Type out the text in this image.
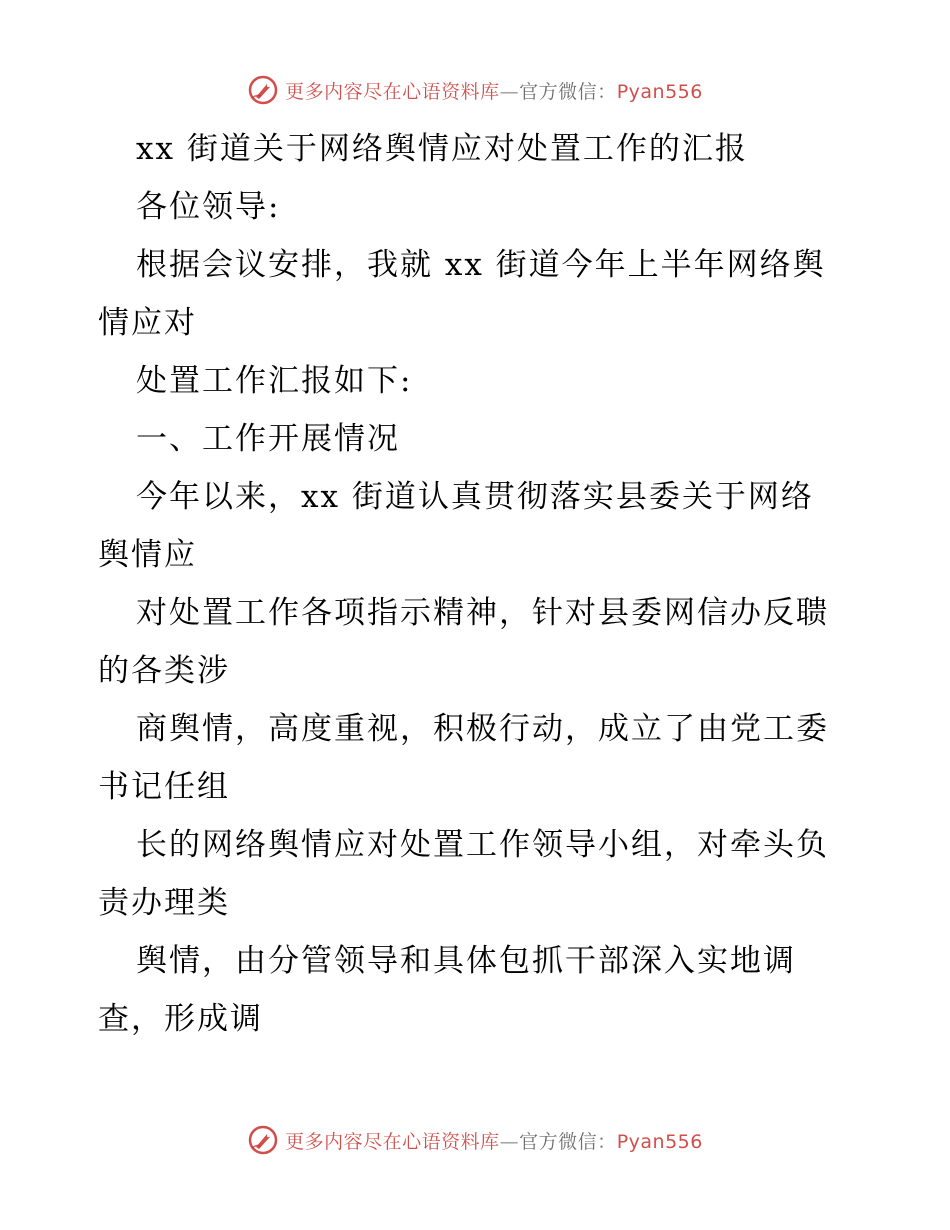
更多内容尽在心语资料库—官方微信：Pyan556
xx 街道关于网络舆情应对处置工作的汇报
各位领导:
根据会议安排，我就 xx 街道今年上半年网络舆
情应对
处置工作汇报如下:
一、工作开展情况
今年以来，xx 街道认真贯彻落实县委关于网络
舆情应
对处置工作各项指示精神，针对县委网信办反聩
的各类涉
商舆情，高度重视，积极行动，成立了由党工委
书记任组
长的网络舆情应对处置工作领导小组，对牵头负
责办理类
舆情，由分管领导和具体包抓干部深入实地调
查，形成调
更多内容尽在心语资料库—官方微信：Pyan556
